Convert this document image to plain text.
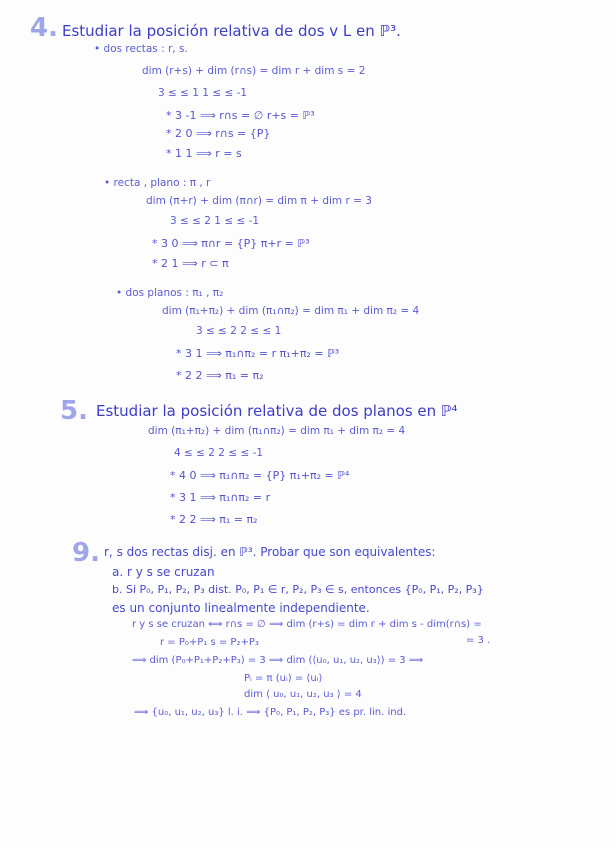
4. Estudiar la posición relativa de dos v L en ℙ³.
• dos rectas : r, s.
dim (r+s) + dim (r∩s) = dim r + dim s = 2
3 ≤ ≤ 1 1 ≤ ≤ -1
* 3 -1 ⟹ r∩s = ∅ r+s = ℙ³
* 2 0 ⟹ r∩s = {P}
* 1 1 ⟹ r = s
• recta , plano : π , r
dim (π+r) + dim (π∩r) = dim π + dim r = 3
3 ≤ ≤ 2 1 ≤ ≤ -1
* 3 0 ⟹ π∩r = {P} π+r = ℙ³
* 2 1 ⟹ r ⊂ π
• dos planos : π₁ , π₂
dim (π₁+π₂) + dim (π₁∩π₂) = dim π₁ + dim π₂ = 4
3 ≤ ≤ 2 2 ≤ ≤ 1
* 3 1 ⟹ π₁∩π₂ = r π₁+π₂ = ℙ³
* 2 2 ⟹ π₁ = π₂
5. Estudiar la posición relativa de dos planos en ℙ⁴
dim (π₁+π₂) + dim (π₁∩π₂) = dim π₁ + dim π₂ = 4
4 ≤ ≤ 2 2 ≤ ≤ -1
* 4 0 ⟹ π₁∩π₂ = {P} π₁+π₂ = ℙ⁴
* 3 1 ⟹ π₁∩π₂ = r
* 2 2 ⟹ π₁ = π₂
9. r, s dos rectas disj. en ℙ³. Probar que son equivalentes:
a. r y s se cruzan
b. Si P₀, P₁, P₂, P₃ dist. P₀, P₁ ∈ r, P₂, P₃ ∈ s, entonces {P₀, P₁, P₂, P₃}
es un conjunto linealmente independiente.
r y s se cruzan ⟺ r∩s = ∅ ⟹ dim (r+s) = dim r + dim s - dim(r∩s) =
= 3 .
r = P₀+P₁ s = P₂+P₃
⟹ dim (P₀+P₁+P₂+P₃) = 3 ⟹ dim (⟨u₀, u₁, u₂, u₃⟩) = 3 ⟹
Pᵢ = π (uᵢ) = ⟨uᵢ⟩
dim ⟨ u₀, u₁, u₂, u₃ ⟩ = 4
⟹ {u₀, u₁, u₂, u₃} l. i. ⟹ {P₀, P₁, P₂, P₃} es pr. lin. ind.
